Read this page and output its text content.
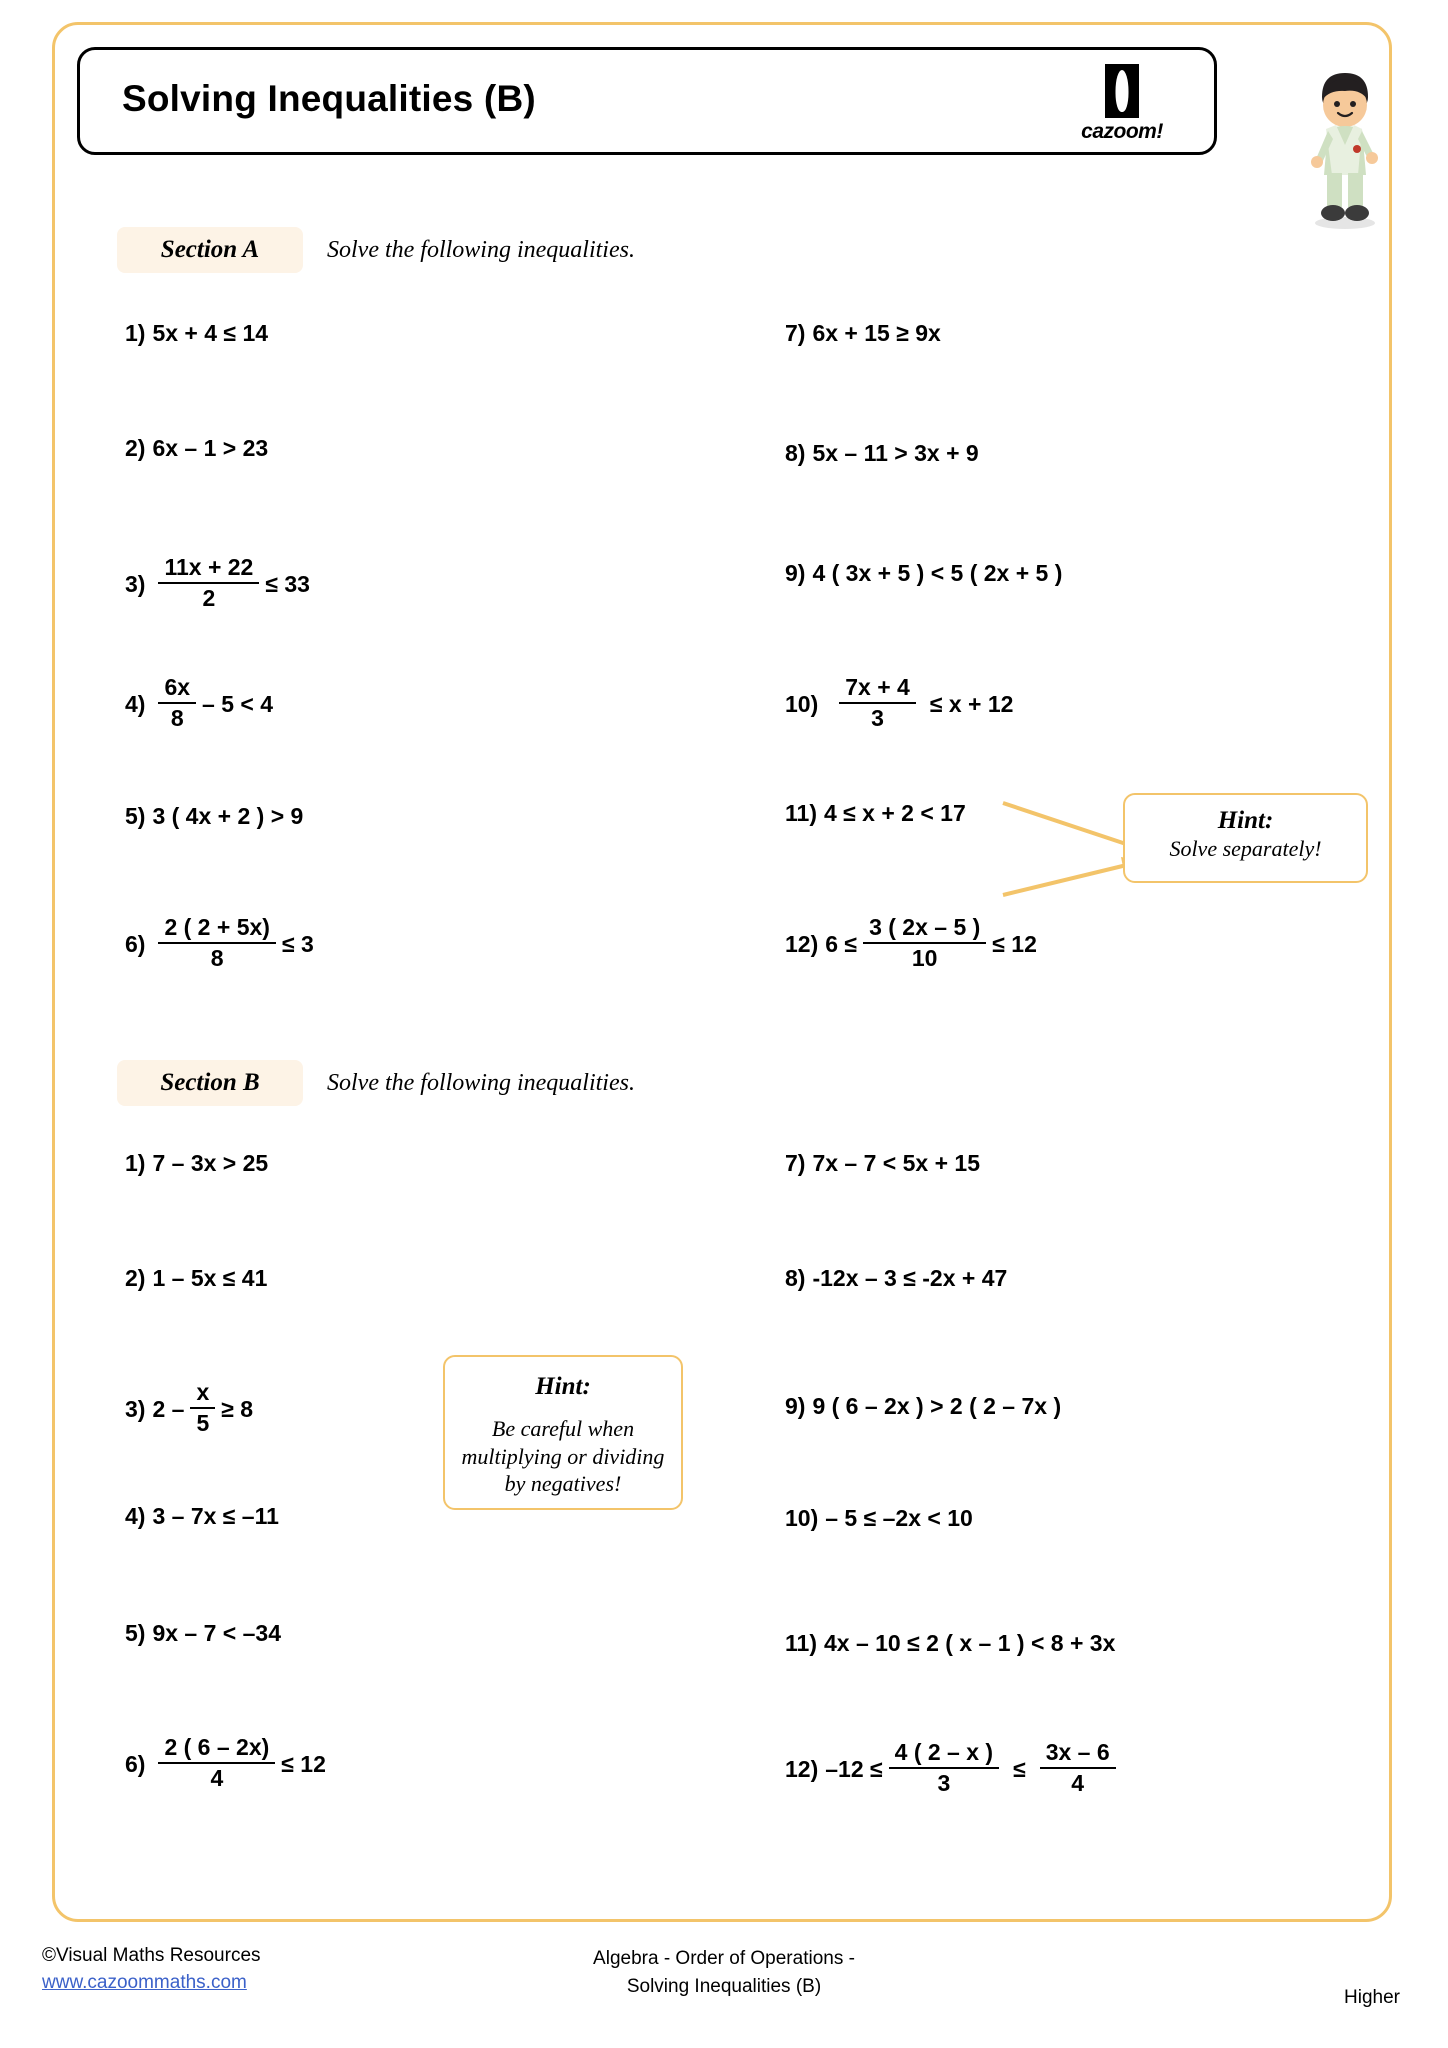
Solving Inequalities (B)
cazoom!
Section A	Solve the following inequalities.
1) 5x + 4 ≤ 14
2) 6x – 1 > 23
$3) \frac{11x + 22}{2} \le 33$
$4) \frac{6x}{8} - 5 < 4$
5) 3 ( 4x + 2 ) > 9
$6) \frac{2 ( 2 + 5x)}{8} \le 3$
7) 6x + 15 ≥ 9x
8) 5x – 11 > 3x + 9
9) 4 ( 3x + 5 ) < 5 ( 2x + 5 )
$10) \frac{7x + 4}{3} \le x + 12$
11) 4 ≤ x + 2 < 17
12) $6 \le \frac{3 ( 2x - 5 )}{10} \le 12$
Hint:
Solve separately!
Section B	Solve the following inequalities.
1) 7 – 3x > 25
2) 1 – 5x ≤ 41
3) $2 - \frac{x}{5} \ge 8$
4) 3 – 7x ≤ –11
5) 9x – 7 < –34
$6) \frac{2 ( 6 - 2x)}{4} \le 12$
Hint:
Be careful when multiplying or dividing by negatives!
7) 7x – 7 < 5x + 15
8) -12x – 3 ≤ -2x + 47
9) 9 ( 6 – 2x ) > 2 ( 2 – 7x )
10) – 5 ≤ –2x < 10
11) 4x – 10 ≤ 2 ( x – 1 ) < 8 + 3x
12) $-12 \le \frac{4 ( 2 - x )}{3} \le \frac{3x - 6}{4}$
©Visual Maths Resources
www.cazoommaths.com
Algebra - Order of Operations -
Solving Inequalities (B)
Higher
